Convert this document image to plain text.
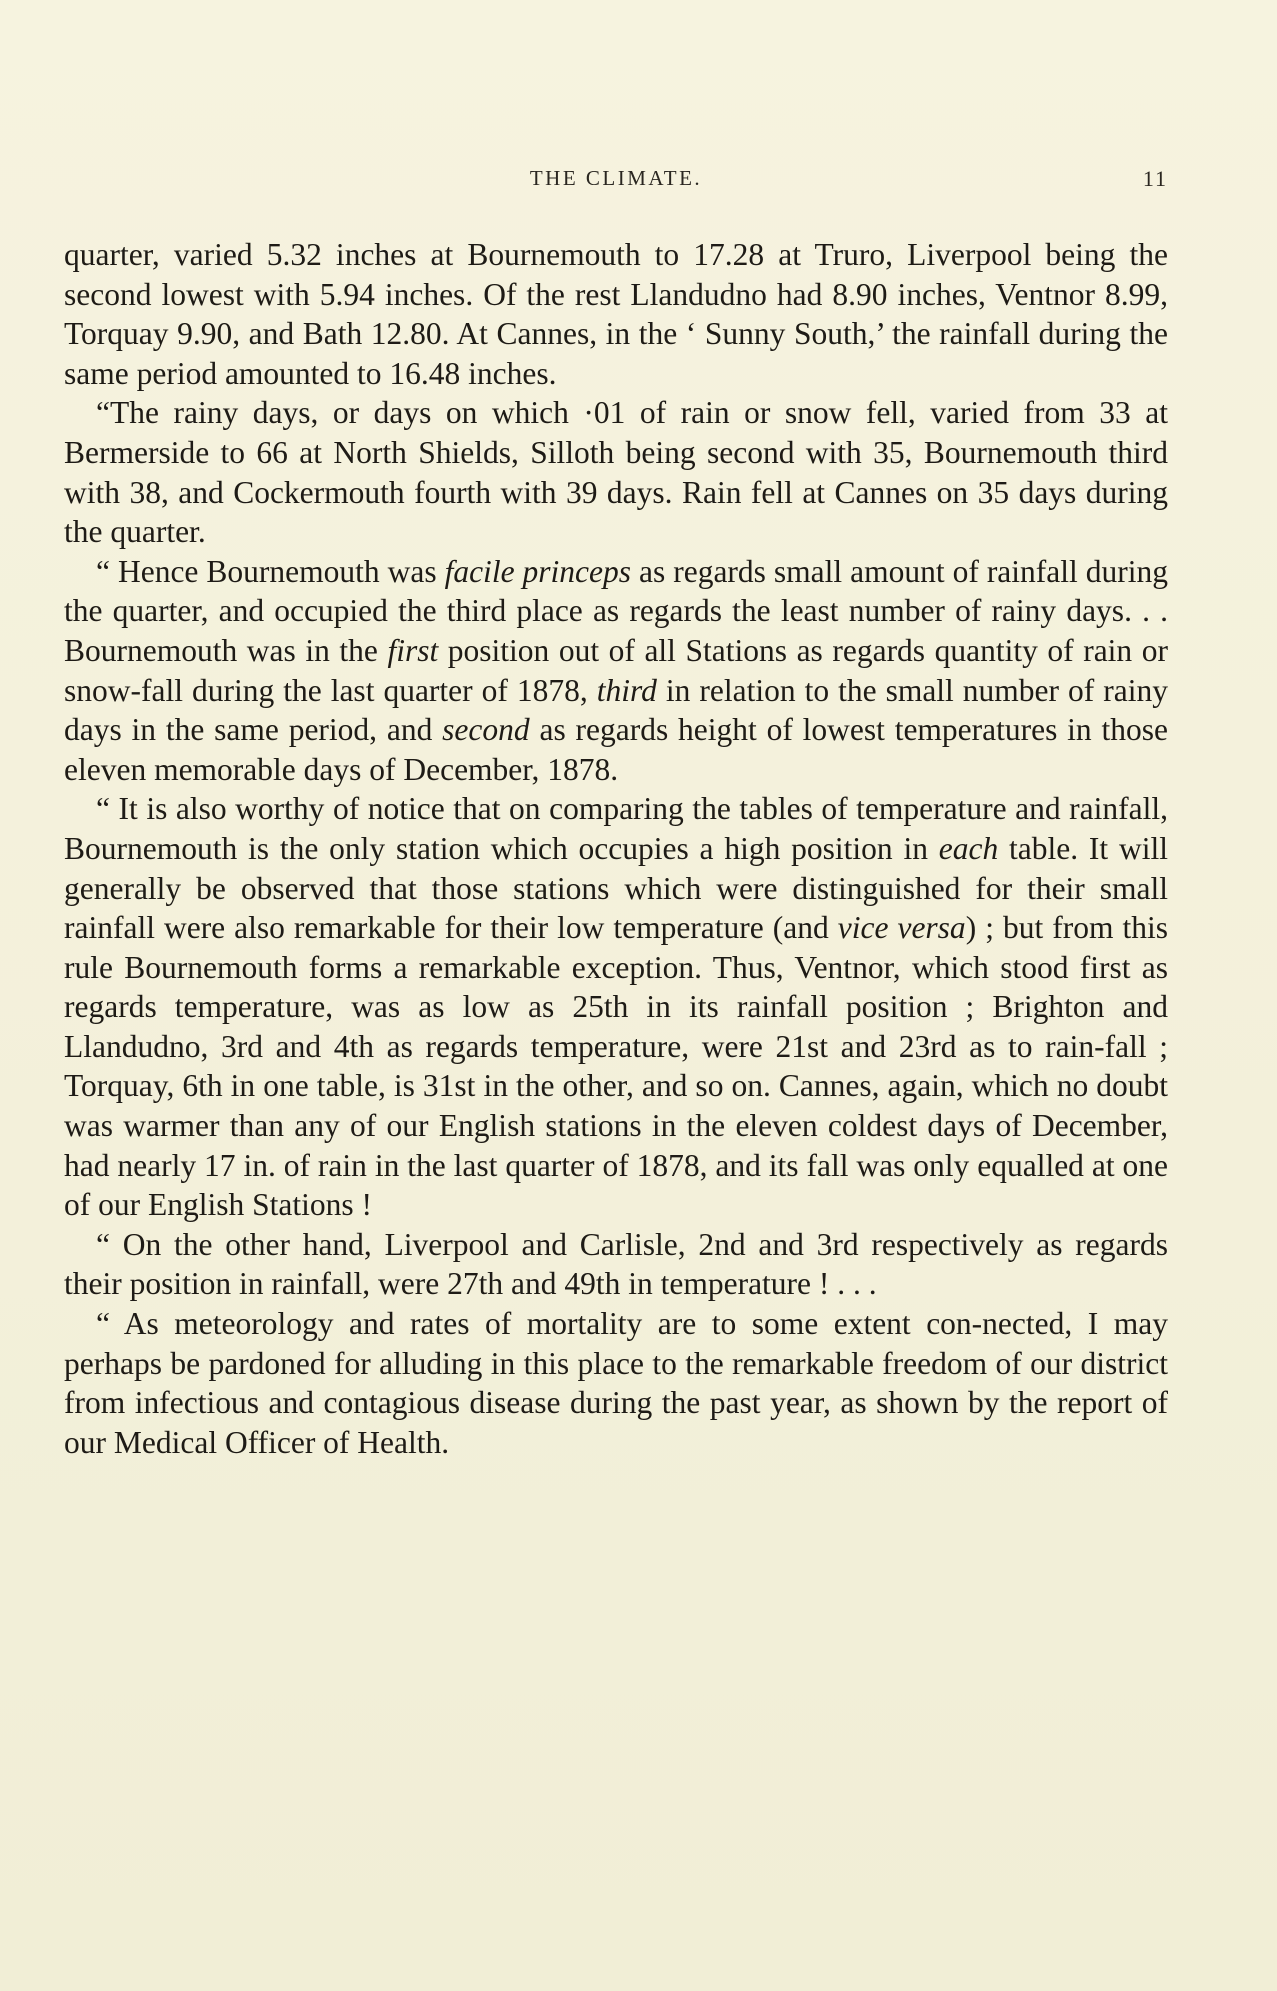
THE CLIMATE.	11

quarter, varied 5.32 inches at Bournemouth to 17.28 at Truro, Liverpool being the second lowest with 5.94 inches. Of the rest Llandudno had 8.90 inches, Ventnor 8.99, Torquay 9.90, and Bath 12.80. At Cannes, in the ‘ Sunny South,’ the rainfall during the same period amounted to 16.48 inches.

“The rainy days, or days on which ·01 of rain or snow fell, varied from 33 at Bermerside to 66 at North Shields, Silloth being second with 35, Bournemouth third with 38, and Cockermouth fourth with 39 days. Rain fell at Cannes on 35 days during the quarter.

“ Hence Bournemouth was facile princeps as regards small amount of rainfall during the quarter, and occupied the third place as regards the least number of rainy days. . . Bournemouth was in the first position out of all Stations as regards quantity of rain or snow-fall during the last quarter of 1878, third in relation to the small number of rainy days in the same period, and second as regards height of lowest temperatures in those eleven memorable days of December, 1878.

“ It is also worthy of notice that on comparing the tables of temperature and rainfall, Bournemouth is the only station which occupies a high position in each table. It will generally be observed that those stations which were distinguished for their small rainfall were also remarkable for their low temperature (and vice versa) ; but from this rule Bournemouth forms a remarkable exception. Thus, Ventnor, which stood first as regards temperature, was as low as 25th in its rainfall position ; Brighton and Llandudno, 3rd and 4th as regards temperature, were 21st and 23rd as to rain-fall ; Torquay, 6th in one table, is 31st in the other, and so on. Cannes, again, which no doubt was warmer than any of our English stations in the eleven coldest days of December, had nearly 17 in. of rain in the last quarter of 1878, and its fall was only equalled at one of our English Stations !

“ On the other hand, Liverpool and Carlisle, 2nd and 3rd respectively as regards their position in rainfall, were 27th and 49th in temperature ! . . .

“ As meteorology and rates of mortality are to some extent con-nected, I may perhaps be pardoned for alluding in this place to the remarkable freedom of our district from infectious and contagious disease during the past year, as shown by the report of our Medical Officer of Health.
